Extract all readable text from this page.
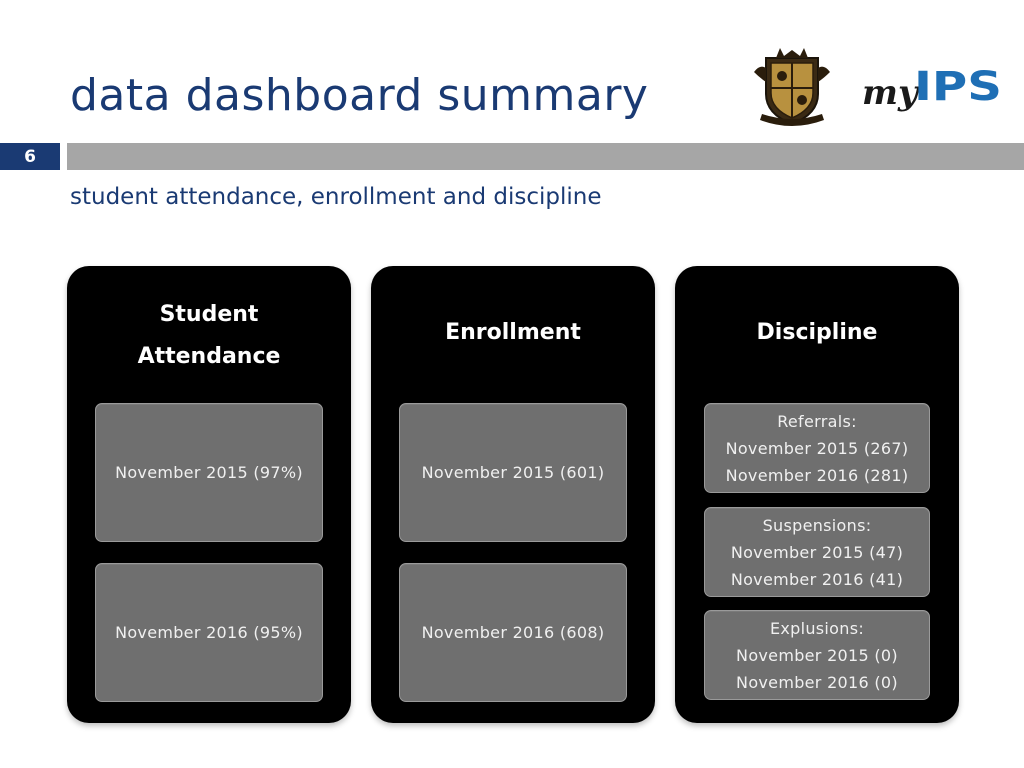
data dashboard summary	my
IPS
6
student attendance, enrollment and discipline
Student
Attendance
November 2015 (97%)
November 2016 (95%)
Enrollment
November 2015 (601)
November 2016 (608)
Discipline
Referrals:
November 2015 (267)
November 2016 (281)
Suspensions:
November 2015 (47)
November 2016 (41)
Explusions:
November 2015 (0)
November 2016 (0)
